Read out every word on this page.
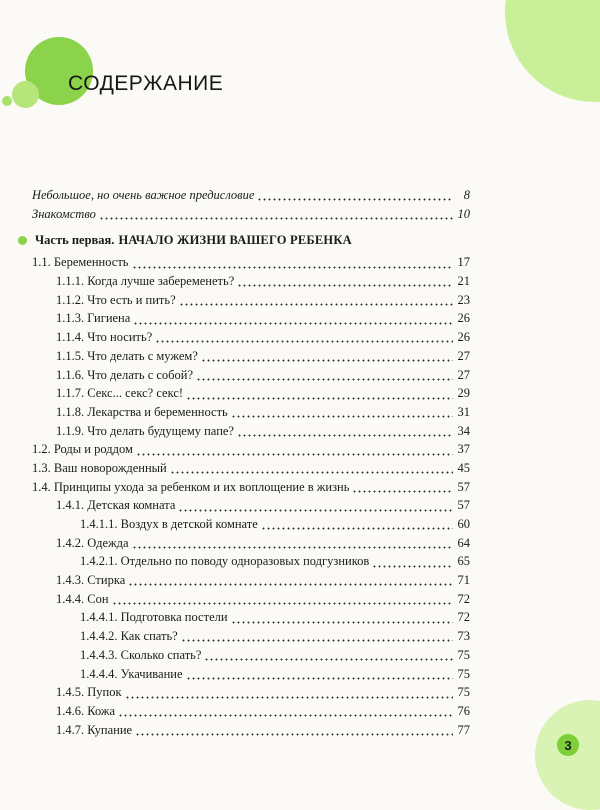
СОДЕРЖАНИЕ
Небольшое, но очень важное предисловие	8
Знакомство	10
Часть первая. НАЧАЛО ЖИЗНИ ВАШЕГО РЕБЕНКА
1.1. Беременность	17
1.1.1. Когда лучше забеременеть?	21
1.1.2. Что есть и пить?	23
1.1.3. Гигиена	26
1.1.4. Что носить?	26
1.1.5. Что делать с мужем?	27
1.1.6. Что делать с собой?	27
1.1.7. Секс... секс? секс!	29
1.1.8. Лекарства и беременность	31
1.1.9. Что делать будущему папе?	34
1.2. Роды и роддом	37
1.3. Ваш новорожденный	45
1.4. Принципы ухода за ребенком и их воплощение в жизнь	57
1.4.1. Детская комната	57
1.4.1.1. Воздух в детской комнате	60
1.4.2. Одежда	64
1.4.2.1. Отдельно по поводу одноразовых подгузников	65
1.4.3. Стирка	71
1.4.4. Сон	72
1.4.4.1. Подготовка постели	72
1.4.4.2. Как спать?	73
1.4.4.3. Сколько спать?	75
1.4.4.4. Укачивание	75
1.4.5. Пупок	75
1.4.6. Кожа	76
1.4.7. Купание	77
3
